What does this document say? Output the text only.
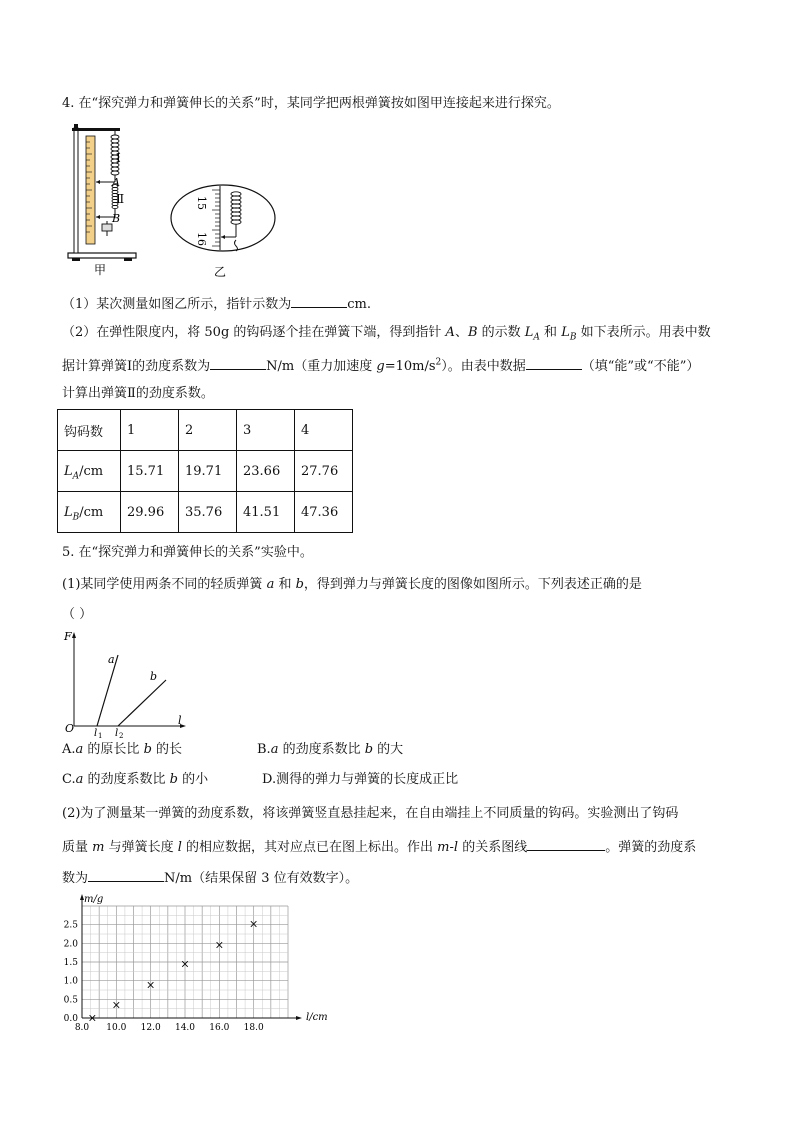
4. 在“探究弹力和弹簧伸长的关系”时，某同学把两根弹簧按如图甲连接起来进行探究。
Ⅰ
A
Ⅱ
B
甲
15
16
乙
（1）某次测量如图乙所示，指针示数为	cm.
（2）在弹性限度内，将 50g 的钩码逐个挂在弹簧下端，得到指针 A、B 的示数 $L_A$ 和 $L_B$ 如下表所示。用表中数
据计算弹簧Ⅰ的劲度系数为	N/m（重力加速度 $g=10m/s^2$）。由表中数据	（填“能”或“不能”）
计算出弹簧Ⅱ的劲度系数。
钩码数	1	2	3	4
$L_A/cm$	15.71	19.71	23.66	27.76
$L_B/cm$	29.96	35.76	41.51	47.36
5. 在“探究弹力和弹簧伸长的关系”实验中。
(1)某同学使用两条不同的轻质弹簧 a 和 b，得到弹力与弹簧长度的图像如图所示。下列表述正确的是
（ ）
F
O
l
l 1 l 2
a
b
A.a 的原长比 b 的长	B.a 的劲度系数比 b 的大
C.a 的劲度系数比 b 的小	D.测得的弹力与弹簧的长度成正比
(2)为了测量某一弹簧的劲度系数，将该弹簧竖直悬挂起来，在自由端挂上不同质量的钩码。实验测出了钩码
质量 m 与弹簧长度 l 的相应数据，其对应点已在图上标出。作出 m-l 的关系图线	。弹簧的劲度系
数为	N/m（结果保留 3 位有效数字）。
8.0 10.0 12.0 14.0 16.0 18.0
0.0
0.5
1.0
1.5
2.0
2.5
×
×
×
×
×
×
m/g
l/cm
